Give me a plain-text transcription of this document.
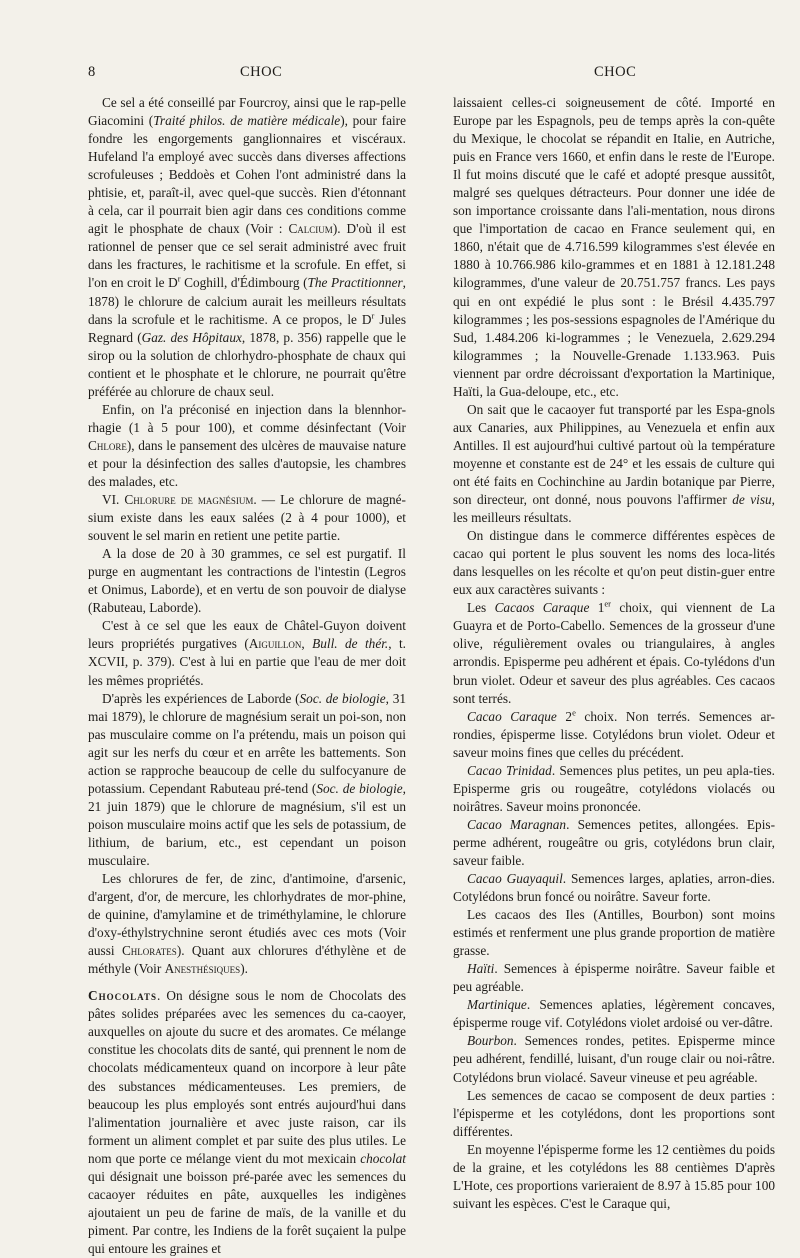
8	CHOC	CHOC

Ce sel a été conseillé par Fourcroy, ainsi que le rap-pelle Giacomini (Traité philos. de matière médicale), pour faire fondre les engorgements ganglionnaires et viscéraux. Hufeland l'a employé avec succès dans diverses affections scrofuleuses ; Beddoès et Cohen l'ont administré dans la phtisie, et, paraît-il, avec quel-que succès. Rien d'étonnant à cela, car il pourrait bien agir dans ces conditions comme agit le phosphate de chaux (Voir : Calcium). D'où il est rationnel de penser que ce sel serait administré avec fruit dans les fractures, le rachitisme et la scrofule. En effet, si l'on en croit le $D^r$ Coghill, d'Édimbourg (The Practitionner, 1878) le chlorure de calcium aurait les meilleurs résultats dans la scrofule et le rachitisme. A ce propos, le $D^r$ Jules Regnard (Gaz. des Hôpitaux, 1878, p. 356) rappelle que le sirop ou la solution de chlorhydro-phosphate de chaux qui contient et le phosphate et le chlorure, ne pourrait qu'être préférée au chlorure de chaux seul.

Enfin, on l'a préconisé en injection dans la blennhor-rhagie (1 à 5 pour 100), et comme désinfectant (Voir Chlore), dans le pansement des ulcères de mauvaise nature et pour la désinfection des salles d'autopsie, les chambres des malades, etc.

VI. Chlorure de magnésium. — Le chlorure de magné-sium existe dans les eaux salées (2 à 4 pour 1000), et souvent le sel marin en retient une petite partie.

A la dose de 20 à 30 grammes, ce sel est purgatif. Il purge en augmentant les contractions de l'intestin (Legros et Onimus, Laborde), et en vertu de son pouvoir de dialyse (Rabuteau, Laborde).

C'est à ce sel que les eaux de Châtel-Guyon doivent leurs propriétés purgatives (Aiguillon, Bull. de thér., t. XCVII, p. 379). C'est à lui en partie que l'eau de mer doit les mêmes propriétés.

D'après les expériences de Laborde (Soc. de biologie, 31 mai 1879), le chlorure de magnésium serait un poi-son, non pas musculaire comme on l'a prétendu, mais un poison qui agit sur les nerfs du cœur et en arrête les battements. Son action se rapproche beaucoup de celle du sulfocyanure de potassium. Cependant Rabuteau pré-tend (Soc. de biologie, 21 juin 1879) que le chlorure de magnésium, s'il est un poison musculaire moins actif que les sels de potassium, de lithium, de barium, etc., est cependant un poison musculaire.

Les chlorures de fer, de zinc, d'antimoine, d'arsenic, d'argent, d'or, de mercure, les chlorhydrates de mor-phine, de quinine, d'amylamine et de triméthylamine, le chlorure d'oxy-éthylstrychnine seront étudiés avec ces mots (Voir aussi Chlorates). Quant aux chlorures d'éthylène et de méthyle (Voir Anesthésiques).

Chocolats. On désigne sous le nom de Chocolats des pâtes solides préparées avec les semences du ca-caoyer, auxquelles on ajoute du sucre et des aromates. Ce mélange constitue les chocolats dits de santé, qui prennent le nom de chocolats médicamenteux quand on incorpore à leur pâte des substances médicamenteuses. Les premiers, de beaucoup les plus employés sont entrés aujourd'hui dans l'alimentation journalière et avec juste raison, car ils forment un aliment complet et par suite des plus utiles. Le nom que porte ce mélange vient du mot mexicain chocolat qui désignait une boisson pré-parée avec les semences du cacaoyer réduites en pâte, auxquelles les indigènes ajoutaient un peu de farine de maïs, de la vanille et du piment. Par contre, les Indiens de la forêt suçaient la pulpe qui entoure les graines et

laissaient celles-ci soigneusement de côté. Importé en Europe par les Espagnols, peu de temps après la con-quête du Mexique, le chocolat se répandit en Italie, en Autriche, puis en France vers 1660, et enfin dans le reste de l'Europe. Il fut moins discuté que le café et adopté presque aussitôt, malgré ses quelques détracteurs. Pour donner une idée de son importance croissante dans l'ali-mentation, nous dirons que l'importation de cacao en France seulement qui, en 1860, n'était que de 4.716.599 kilogrammes s'est élevée en 1880 à 10.766.986 kilo-grammes et en 1881 à 12.181.248 kilogrammes, d'une valeur de 20.751.757 francs. Les pays qui en ont expédié le plus sont : le Brésil 4.435.797 kilogrammes ; les pos-sessions espagnoles de l'Amérique du Sud, 1.484.206 ki-logrammes ; le Venezuela, 2.629.294 kilogrammes ; la Nouvelle-Grenade 1.133.963. Puis viennent par ordre décroissant d'exportation la Martinique, Haïti, la Gua-deloupe, etc., etc.

On sait que le cacaoyer fut transporté par les Espa-gnols aux Canaries, aux Philippines, au Venezuela et enfin aux Antilles. Il est aujourd'hui cultivé partout où la température moyenne et constante est de 24° et les essais de culture qui ont été faits en Cochinchine au Jardin botanique par Pierre, son directeur, ont donné, nous pouvons l'affirmer de visu, les meilleurs résultats.

On distingue dans le commerce différentes espèces de cacao qui portent le plus souvent les noms des loca-lités dans lesquelles on les récolte et qu'on peut distin-guer entre eux aux caractères suivants :

Les Cacaos Caraque 1er choix, qui viennent de La Guayra et de Porto-Cabello. Semences de la grosseur d'une olive, régulièrement ovales ou triangulaires, à angles arrondis. Episperme peu adhérent et épais. Co-tylédons d'un brun violet. Odeur et saveur des plus agréables. Ces cacaos sont terrés.

Cacao Caraque 2e choix. Non terrés. Semences ar-rondies, épisperme lisse. Cotylédons brun violet. Odeur et saveur moins fines que celles du précédent.

Cacao Trinidad. Semences plus petites, un peu apla-ties. Episperme gris ou rougeâtre, cotylédons violacés ou noirâtres. Saveur moins prononcée.

Cacao Maragnan. Semences petites, allongées. Epis-perme adhérent, rougeâtre ou gris, cotylédons brun clair, saveur faible.

Cacao Guayaquil. Semences larges, aplaties, arron-dies. Cotylédons brun foncé ou noirâtre. Saveur forte.

Les cacaos des Iles (Antilles, Bourbon) sont moins estimés et renferment une plus grande proportion de matière grasse.

Haïti. Semences à épisperme noirâtre. Saveur faible et peu agréable.

Martinique. Semences aplaties, légèrement concaves, épisperme rouge vif. Cotylédons violet ardoisé ou ver-dâtre.

Bourbon. Semences rondes, petites. Episperme mince peu adhérent, fendillé, luisant, d'un rouge clair ou noi-râtre. Cotylédons brun violacé. Saveur vineuse et peu agréable.

Les semences de cacao se composent de deux parties : l'épisperme et les cotylédons, dont les proportions sont différentes.

En moyenne l'épisperme forme les 12 centièmes du poids de la graine, et les cotylédons les 88 centièmes D'après L'Hote, ces proportions varieraient de 8.97 à 15.85 pour 100 suivant les espèces. C'est le Caraque qui,
